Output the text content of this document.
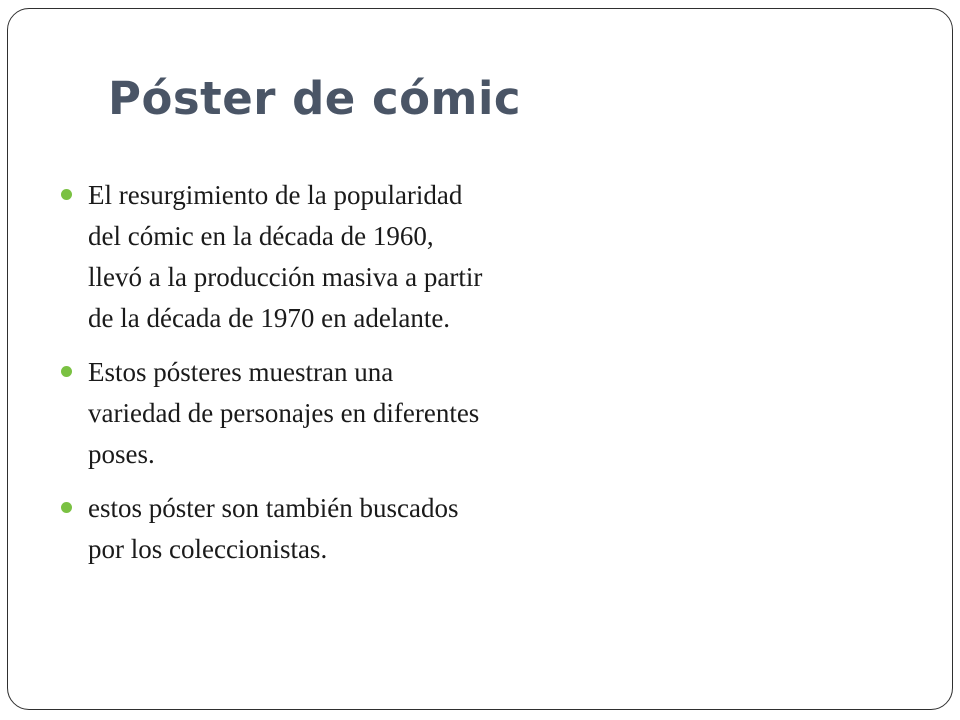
Póster de cómic
El resurgimiento de la popularidad
del cómic en la década de 1960,
llevó a la producción masiva a partir
de la década de 1970 en adelante.
Estos pósteres muestran una
variedad de personajes en diferentes
poses.
estos póster son también buscados
por los coleccionistas.
